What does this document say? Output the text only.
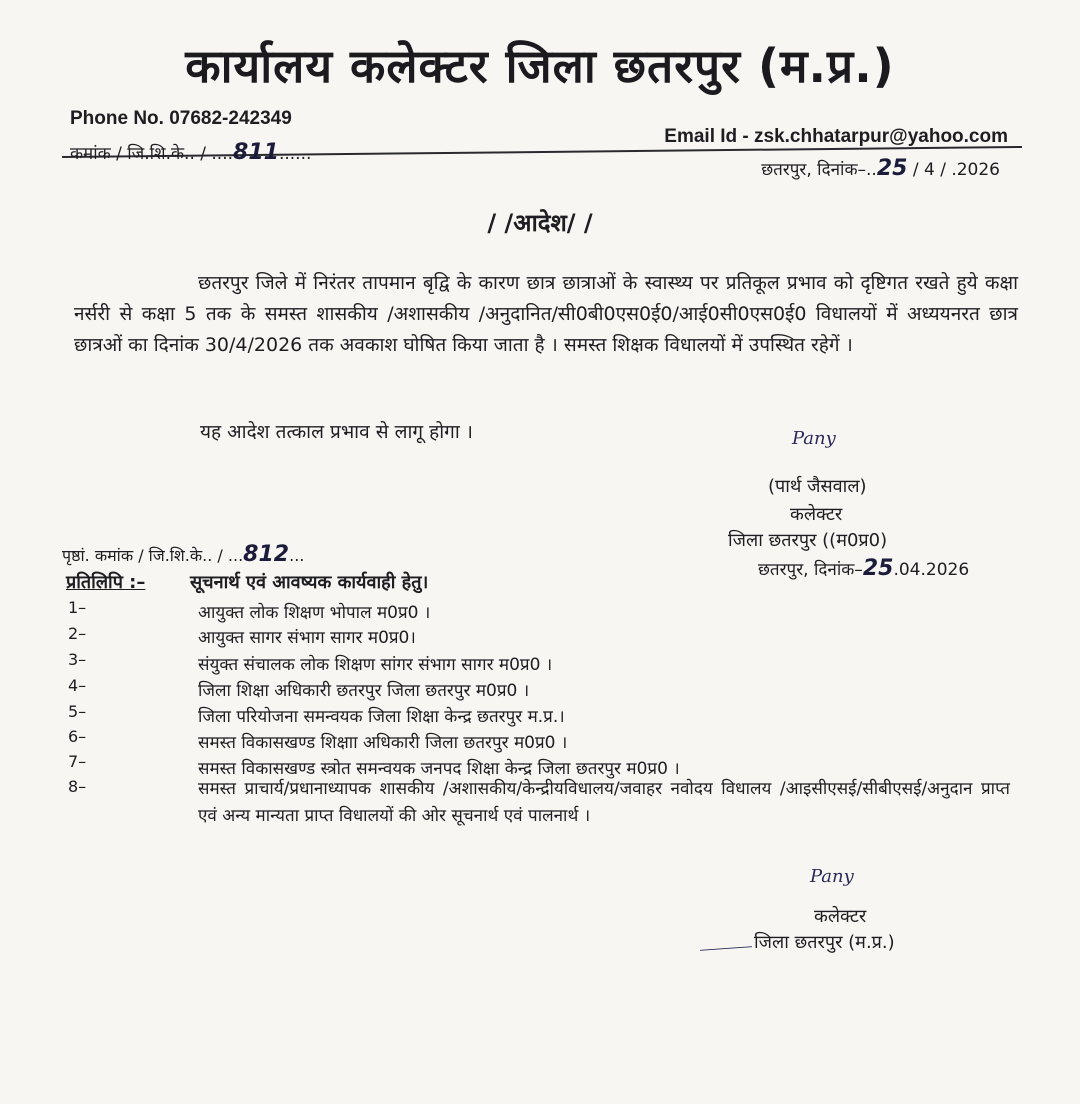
कार्यालय कलेक्टर जिला छतरपुर (म.प्र.)
Phone No. 07682-242349
Email Id - zsk.chhatarpur@yahoo.com
कमांक / जि.शि.के.. / ....811......
छतरपुर, दिनांक–..25 / 4 / .2026
/ /आदेश/ /
छतरपुर जिले में निरंतर तापमान बृद्वि के कारण छात्र छात्राओं के स्वास्थ्य पर प्रतिकूल प्रभाव को दृष्टिगत रखते हुये कक्षा नर्सरी से कक्षा 5 तक के समस्त शासकीय /अशासकीय /अनुदानित/सी0बी0एस0ई0/आई0सी0एस0ई0 विधालयों में अध्ययनरत छात्र छात्रओं का दिनांक 30/4/2026 तक अवकाश घोषित किया जाता है । समस्त शिक्षक विधालयों में उपस्थित रहेगें ।
यह आदेश तत्काल प्रभाव से लागू होगा ।	Pany
(पार्थ जैसवाल)
कलेक्टर
जिला छतरपुर ((म0प्र0)
छतरपुर, दिनांक–25.04.2026
पृष्ठां. कमांक / जि.शि.के.. / ...812...
प्रतिलिपि :– सूचनार्थ एवं आवष्यक कार्यवाही हेतु।
1–	आयुक्त लोक शिक्षण भोपाल म0प्र0 ।
2–	आयुक्त सागर संभाग सागर म0प्र0।
3–	संयुक्त संचालक लोक शिक्षण सांगर संभाग सागर म0प्र0 ।
4–	जिला शिक्षा अधिकारी छतरपुर जिला छतरपुर म0प्र0 ।
5–	जिला परियोजना समन्वयक जिला शिक्षा केन्द्र छतरपुर म.प्र.।
6–	समस्त विकासखण्ड शिक्षाा अधिकारी जिला छतरपुर म0प्र0 ।
7–	समस्त विकासखण्ड स्त्रोत समन्वयक जनपद शिक्षा केन्द्र जिला छतरपुर म0प्र0 ।
8–	समस्त प्राचार्य/प्रधानाध्यापक शासकीय /अशासकीय/केन्द्रीयविधालय/जवाहर नवोदय विधालय /आइसीएसई/सीबीएसई/अनुदान प्राप्त एवं अन्य मान्यता प्राप्त विधालयों की ओर सूचनार्थ एवं पालनार्थ ।
Pany
कलेक्टर
जिला छतरपुर (म.प्र.)
